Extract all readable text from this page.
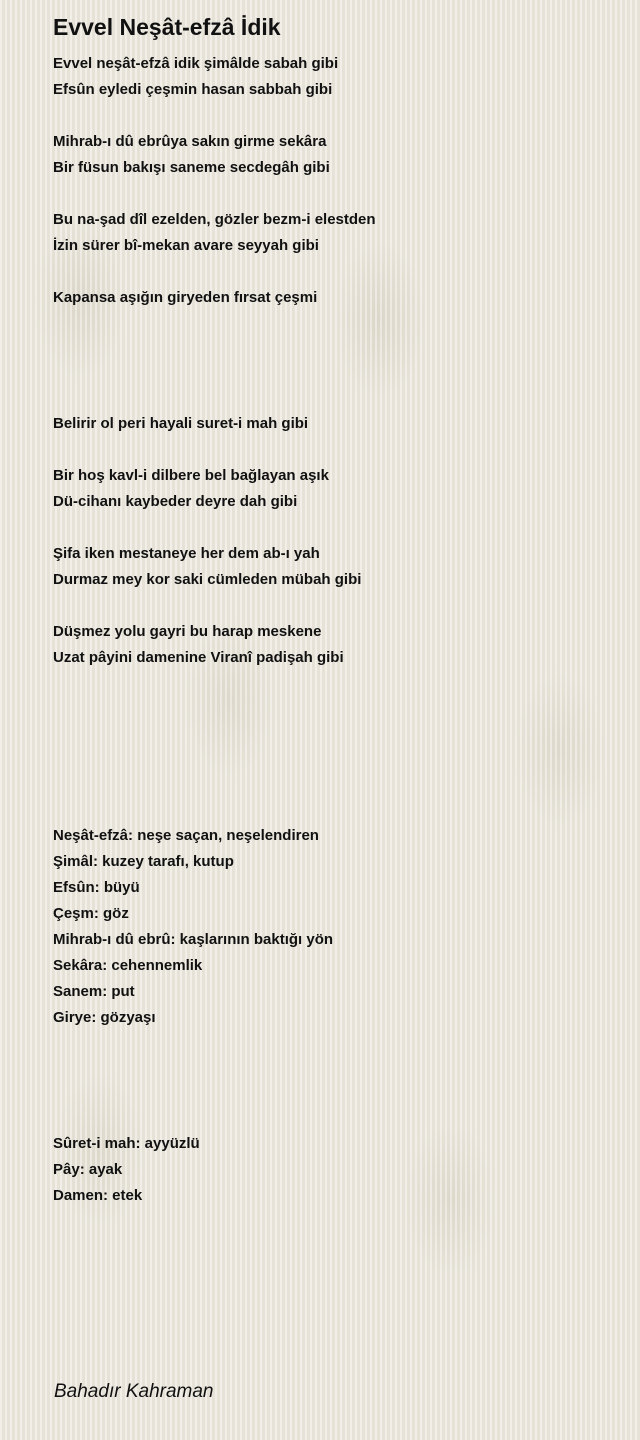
Evvel Neşât-efzâ İdik

Evvel neşât-efzâ idik şimâlde sabah gibi

Efsûn eyledi çeşmin hasan sabbah gibi

Mihrab-ı dû ebrûya sakın girme sekâra

Bir füsun bakışı saneme secdegâh gibi

Bu na-şad dîl ezelden, gözler bezm-i elestden

İzin sürer bî-mekan avare seyyah gibi

Kapansa aşığın giryeden fırsat çeşmi

Belirir ol peri hayali suret-i mah gibi

Bir hoş kavl-i dilbere bel bağlayan aşık

Dü-cihanı kaybeder deyre dah gibi

Şifa iken mestaneye her dem ab-ı yah

Durmaz mey kor saki cümleden mübah gibi

Düşmez yolu gayri bu harap meskene

Uzat pâyini damenine Viranî padişah gibi

Neşât-efzâ: neşe saçan, neşelendiren

Şimâl: kuzey tarafı, kutup

Efsûn: büyü

Çeşm: göz

Mihrab-ı dû ebrû: kaşlarının baktığı yön

Sekâra: cehennemlik

Sanem: put

Girye: gözyaşı

Sûret-i mah: ayyüzlü

Pây: ayak

Damen: etek

Bahadır Kahraman
